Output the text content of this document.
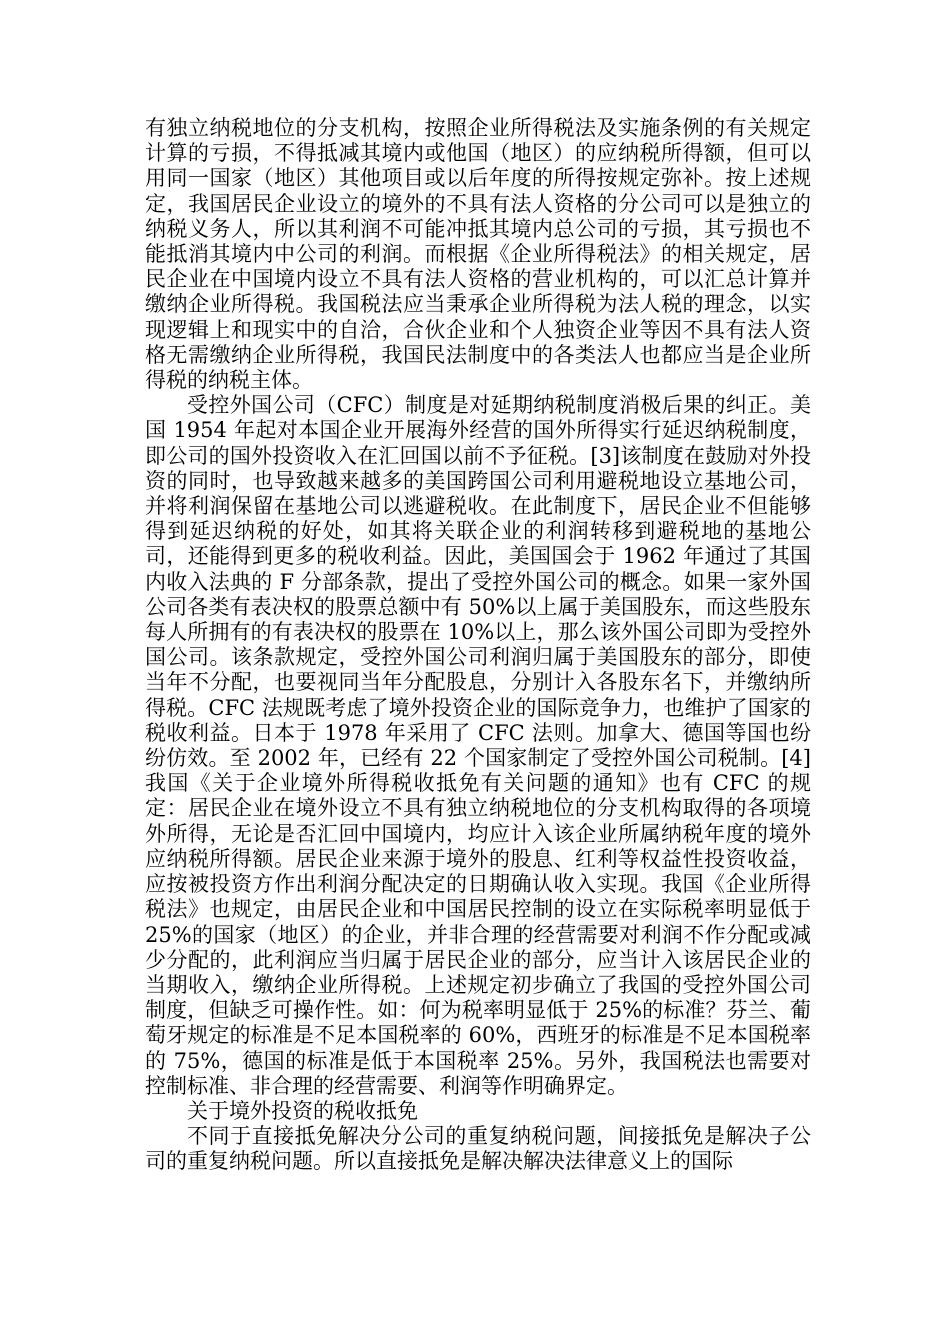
有独立纳税地位的分支机构，按照企业所得税法及实施条例的有关规定计算的亏损，不得抵减其境内或他国（地区）的应纳税所得额，但可以用同一国家（地区）其他项目或以后年度的所得按规定弥补。按上述规定，我国居民企业设立的境外的不具有法人资格的分公司可以是独立的纳税义务人，所以其利润不可能冲抵其境内总公司的亏损，其亏损也不能抵消其境内中公司的利润。而根据《企业所得税法》的相关规定，居民企业在中国境内设立不具有法人资格的营业机构的，可以汇总计算并缴纳企业所得税。我国税法应当秉承企业所得税为法人税的理念，以实现逻辑上和现实中的自洽，合伙企业和个人独资企业等因不具有法人资格无需缴纳企业所得税，我国民法制度中的各类法人也都应当是企业所得税的纳税主体。

受控外国公司（CFC）制度是对延期纳税制度消极后果的纠正。美国 1954 年起对本国企业开展海外经营的国外所得实行延迟纳税制度，即公司的国外投资收入在汇回国以前不予征税。[3]该制度在鼓励对外投资的同时，也导致越来越多的美国跨国公司利用避税地设立基地公司，并将利润保留在基地公司以逃避税收。在此制度下，居民企业不但能够得到延迟纳税的好处，如其将关联企业的利润转移到避税地的基地公司，还能得到更多的税收利益。因此，美国国会于 1962 年通过了其国内收入法典的 F 分部条款，提出了受控外国公司的概念。如果一家外国公司各类有表决权的股票总额中有 50%以上属于美国股东，而这些股东每人所拥有的有表决权的股票在 10%以上，那么该外国公司即为受控外国公司。该条款规定，受控外国公司利润归属于美国股东的部分，即使当年不分配，也要视同当年分配股息，分别计入各股东名下，并缴纳所得税。CFC 法规既考虑了境外投资企业的国际竞争力，也维护了国家的税收利益。日本于 1978 年采用了 CFC 法则。加拿大、德国等国也纷纷仿效。至 2002 年，已经有 22 个国家制定了受控外国公司税制。[4]我国《关于企业境外所得税收抵免有关问题的通知》也有 CFC 的规定：居民企业在境外设立不具有独立纳税地位的分支机构取得的各项境外所得，无论是否汇回中国境内，均应计入该企业所属纳税年度的境外应纳税所得额。居民企业来源于境外的股息、红利等权益性投资收益，应按被投资方作出利润分配决定的日期确认收入实现。我国《企业所得税法》也规定，由居民企业和中国居民控制的设立在实际税率明显低于 25%的国家（地区）的企业，并非合理的经营需要对利润不作分配或减少分配的，此利润应当归属于居民企业的部分，应当计入该居民企业的当期收入，缴纳企业所得税。上述规定初步确立了我国的受控外国公司制度，但缺乏可操作性。如：何为税率明显低于 25%的标准？芬兰、葡萄牙规定的标准是不足本国税率的 60%，西班牙的标准是不足本国税率的 75%，德国的标准是低于本国税率 25%。另外，我国税法也需要对控制标准、非合理的经营需要、利润等作明确界定。

关于境外投资的税收抵免

不同于直接抵免解决分公司的重复纳税问题，间接抵免是解决子公司的重复纳税问题。所以直接抵免是解决解决法律意义上的国际
